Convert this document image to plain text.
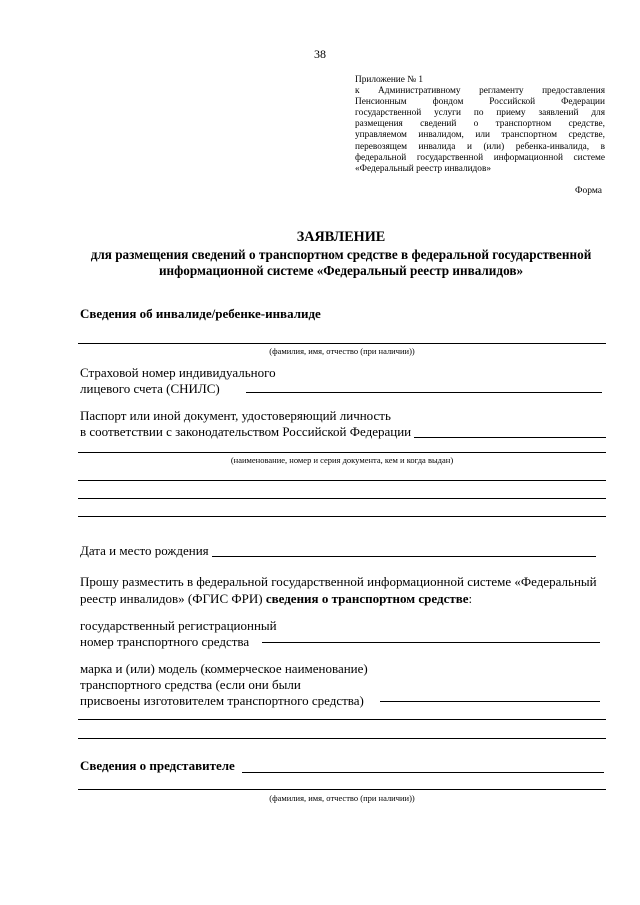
38
Приложение № 1
к Административному регламенту предоставления
Пенсионным фондом Российской Федерации
государственной услуги по приему заявлений для
размещения сведений о транспортном средстве,
управляемом инвалидом, или транспортном средстве,
перевозящем инвалида и (или) ребенка-инвалида, в
федеральной государственной информационной системе
«Федеральный реестр инвалидов»
Форма
ЗАЯВЛЕНИЕ
для размещения сведений о транспортном средстве в федеральной государственной информационной системе «Федеральный реестр инвалидов»
Сведения об инвалиде/ребенке-инвалиде
(фамилия, имя, отчество (при наличии))
Страховой номер индивидуального
лицевого счета (СНИЛС)
Паспорт или иной документ, удостоверяющий личность
в соответствии с законодательством Российской Федерации
(наименование, номер и серия документа, кем и когда выдан)
Дата и место рождения
Прошу разместить в федеральной государственной информационной системе «Федеральный реестр инвалидов» (ФГИС ФРИ) сведения о транспортном средстве:
государственный регистрационный
номер транспортного средства
марка и (или) модель (коммерческое наименование)
транспортного средства (если они были
присвоены изготовителем транспортного средства)
Сведения о представителе
(фамилия, имя, отчество (при наличии))
